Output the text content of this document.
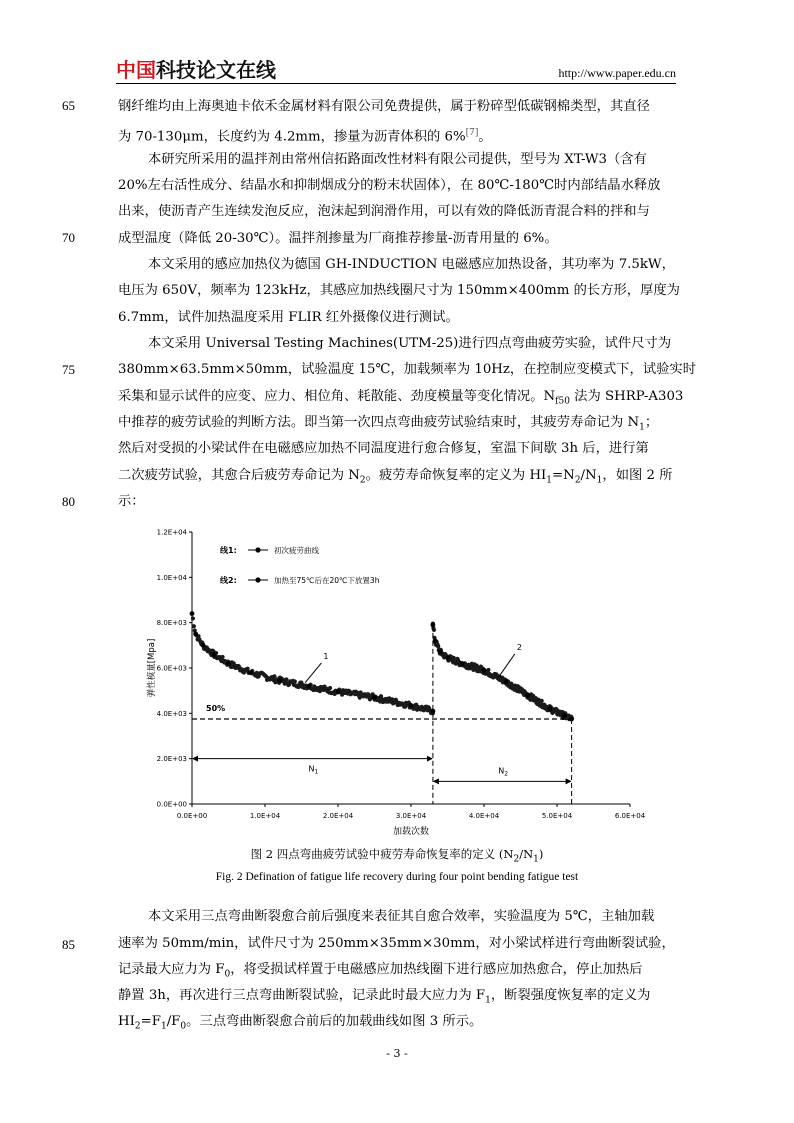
中国科技论文在线	http://www.paper.edu.cn
65
70
75
80
85
钢纤维均由上海奥迪卡依禾金属材料有限公司免费提供，属于粉碎型低碳钢棉类型，其直径
为 70-130μm，长度约为 4.2mm，掺量为沥青体积的 6%[7]。
本研究所采用的温拌剂由常州信拓路面改性材料有限公司提供，型号为 XT-W3（含有
20%左右活性成分、结晶水和抑制烟成分的粉末状固体），在 80℃-180℃时内部结晶水释放
出来，使沥青产生连续发泡反应，泡沫起到润滑作用，可以有效的降低沥青混合料的拌和与
成型温度（降低 20-30℃）。温拌剂掺量为厂商推荐掺量-沥青用量的 6%。
本文采用的感应加热仪为德国 GH-INDUCTION 电磁感应加热设备，其功率为 7.5kW，
电压为 650V，频率为 123kHz，其感应加热线圈尺寸为 150mm×400mm 的长方形，厚度为
6.7mm，试件加热温度采用 FLIR 红外摄像仪进行测试。
本文采用 Universal Testing Machines(UTM-25)进行四点弯曲疲劳实验，试件尺寸为
380mm×63.5mm×50mm，试验温度 15℃，加载频率为 10Hz，在控制应变模式下，试验实时
采集和显示试件的应变、应力、相位角、耗散能、劲度模量等变化情况。$N_{f50}$ 法为 SHRP-A303
中推荐的疲劳试验的判断方法。即当第一次四点弯曲疲劳试验结束时，其疲劳寿命记为 $N_1$；
然后对受损的小梁试件在电磁感应加热不同温度进行愈合修复，室温下间歇 3h 后，进行第
二次疲劳试验，其愈合后疲劳寿命记为 $N_2$。疲劳寿命恢复率的定义为 $HI_1=N_2/N_1$，如图 2 所
示：
0.0E+00	1.0E+04	2.0E+04	3.0E+04	4.0E+04	5.0E+04	6.0E+04
0.0E+00
2.0E+03
4.0E+03
6.0E+03
8.0E+03
1.0E+04
1.2E+04
加载次数
弹性模量[Mpa]	1
2
50%
$N_1$	$N_2$
线1:	初次疲劳曲线
线2:	加热至75℃后在20℃下放置3h
图 2 四点弯曲疲劳试验中疲劳寿命恢复率的定义 $(N_2/N_1)$
Fig. 2 Defination of fatigue life recovery during four point bending fatigue test
本文采用三点弯曲断裂愈合前后强度来表征其自愈合效率，实验温度为 5℃，主轴加载
速率为 50mm/min，试件尺寸为 250mm×35mm×30mm，对小梁试样进行弯曲断裂试验，
记录最大应力为 $F_0$，将受损试样置于电磁感应加热线圈下进行感应加热愈合，停止加热后
静置 3h，再次进行三点弯曲断裂试验，记录此时最大应力为 $F_1$，断裂强度恢复率的定义为
$HI_2=F_1/F_0$。三点弯曲断裂愈合前后的加载曲线如图 3 所示。
- 3 -
